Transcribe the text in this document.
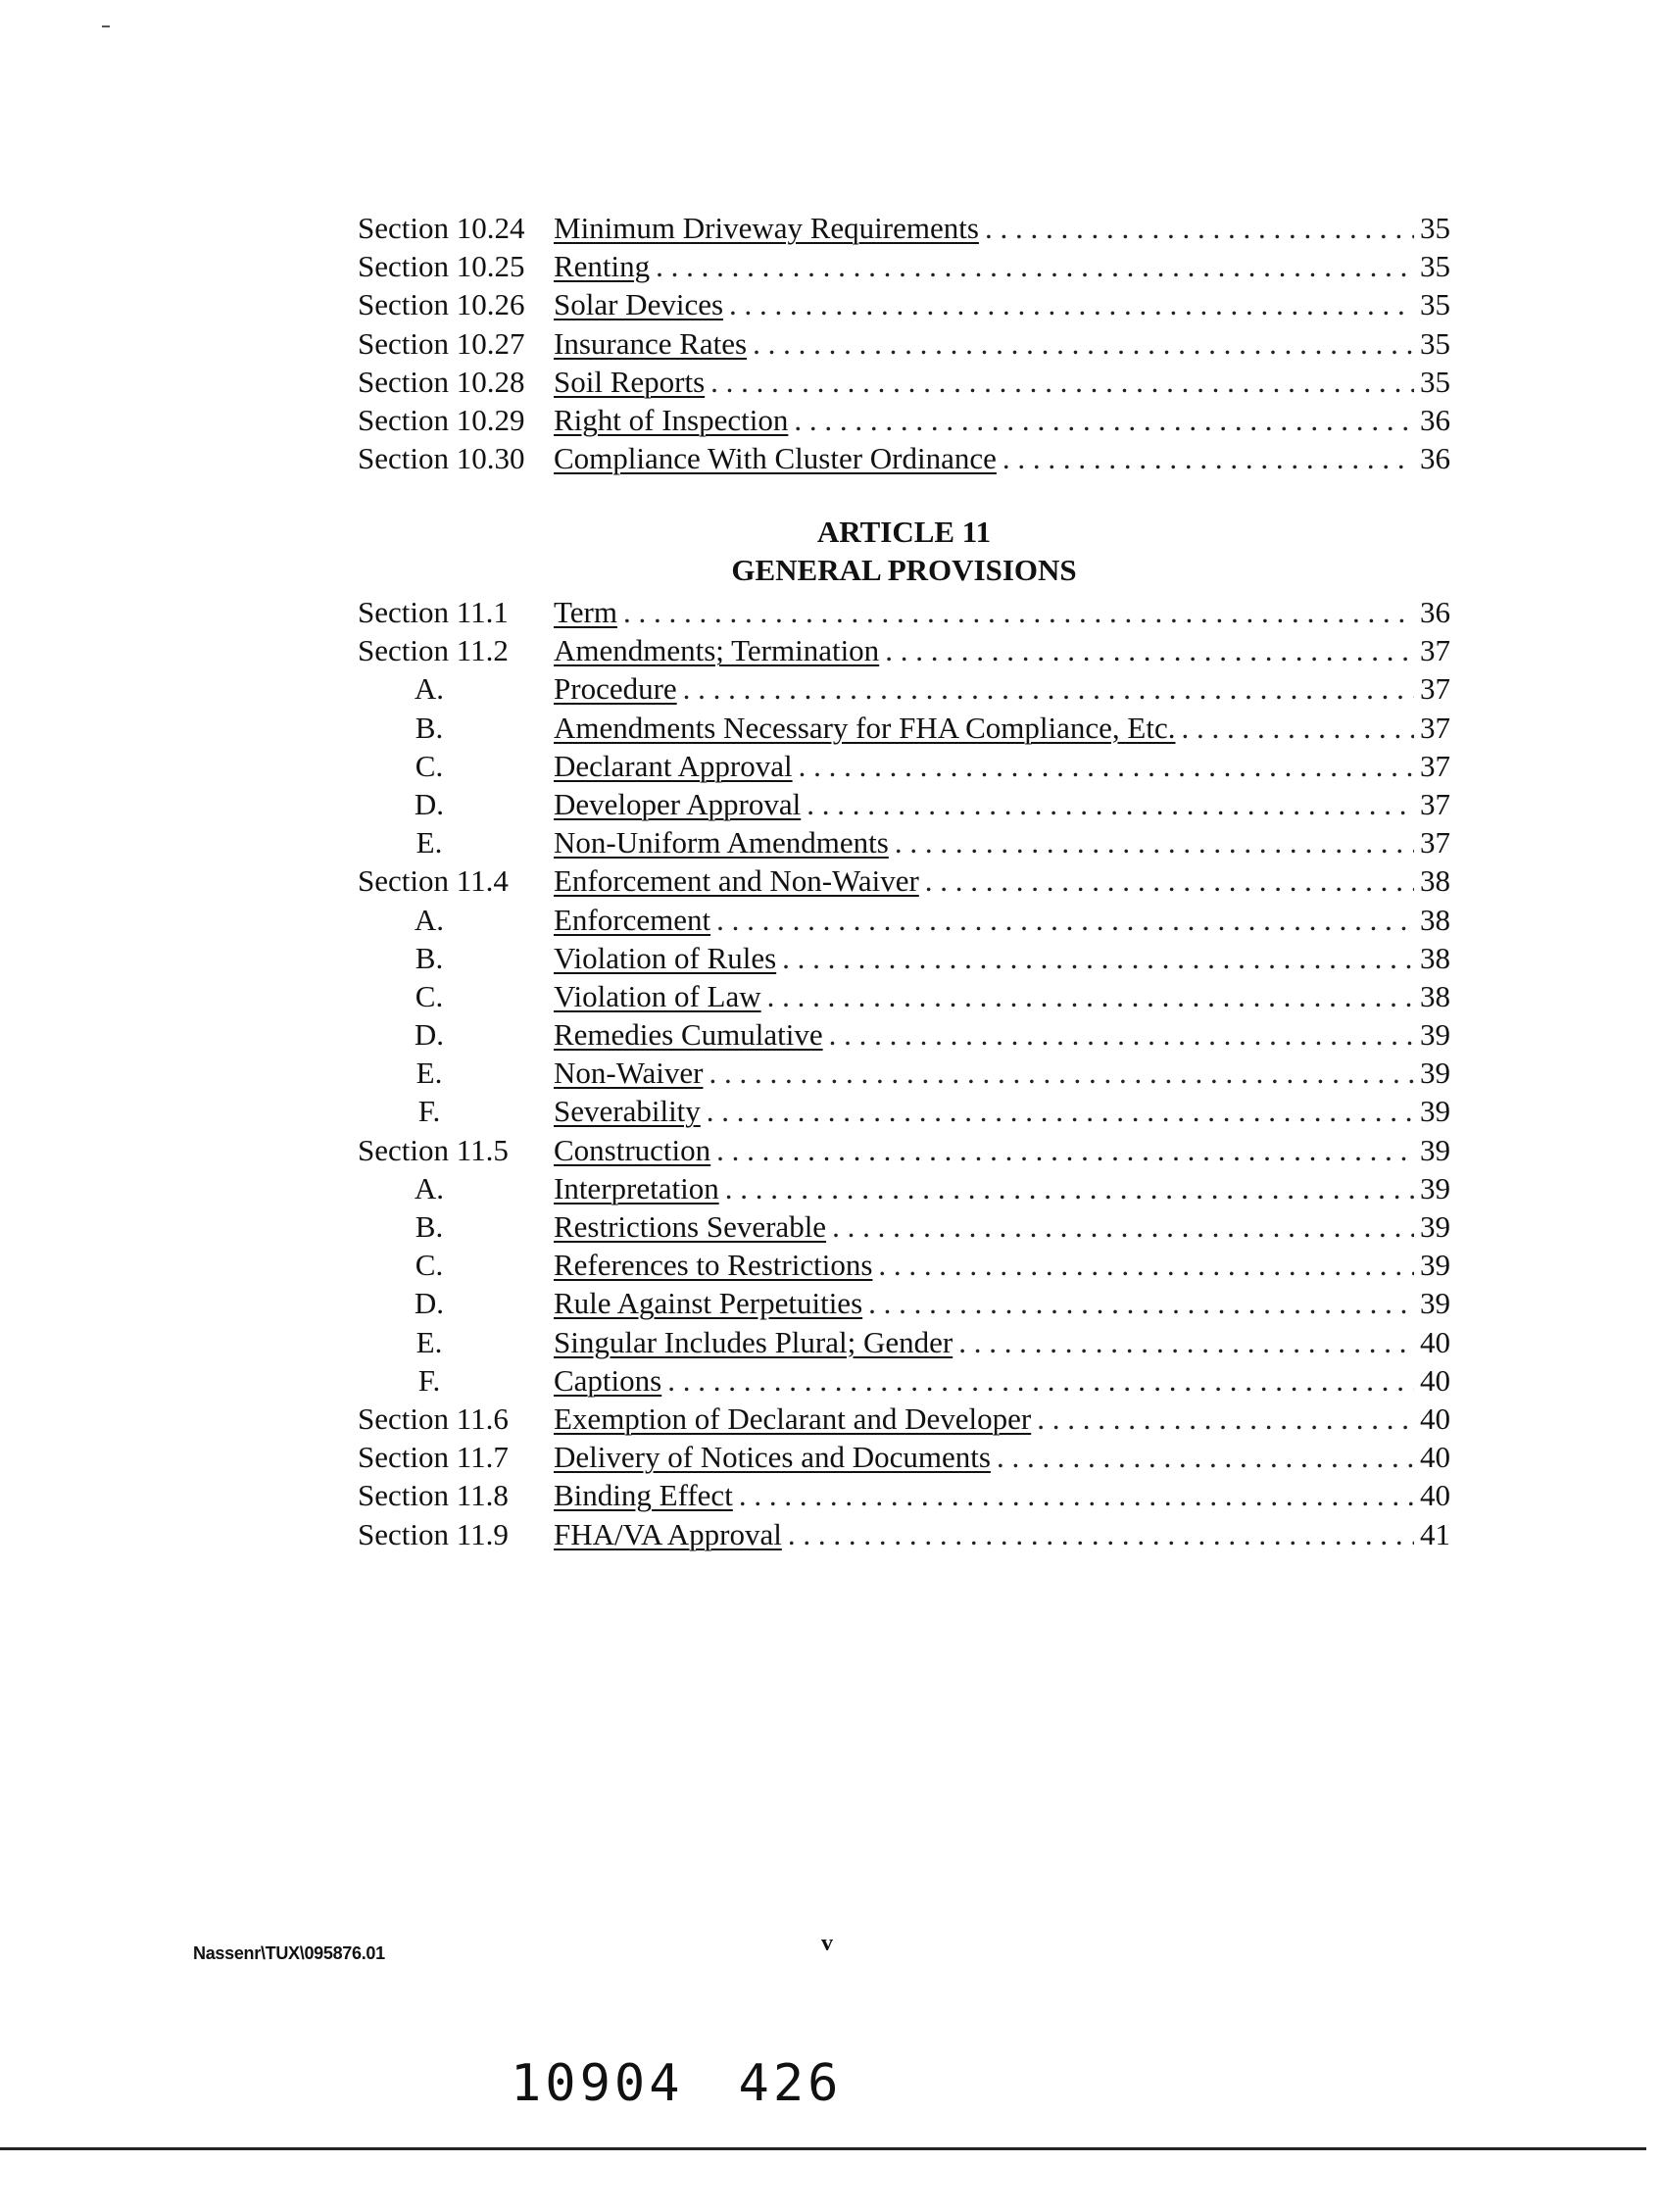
Section 10.24 Minimum Driveway Requirements . . .	35
Section 10.25 Renting . . .	35
Section 10.26 Solar Devices . . .	35
Section 10.27 Insurance Rates . . .	35
Section 10.28 Soil Reports . . .	35
Section 10.29 Right of Inspection . . .	36
Section 10.30 Compliance With Cluster Ordinance . . .	36
ARTICLE 11
GENERAL PROVISIONS
Section 11.1	Term . . .	36
Section 11.2	Amendments; Termination . . .	37
A.	Procedure . . .	37
B.	Amendments Necessary for FHA Compliance, Etc. . . .	37
C.	Declarant Approval . . .	37
D.	Developer Approval . . .	37
E.	Non-Uniform Amendments . . .	37
Section 11.4	Enforcement and Non-Waiver . . .	38
A.	Enforcement . . .	38
B.	Violation of Rules . . .	38
C.	Violation of Law . . .	38
D.	Remedies Cumulative . . .	39
E.	Non-Waiver . . .	39
F.	Severability . . .	39
Section 11.5	Construction . . .	39
A.	Interpretation . . .	39
B.	Restrictions Severable . . .	39
C.	References to Restrictions . . .	39
D.	Rule Against Perpetuities . . .	39
E.	Singular Includes Plural; Gender . . .	40
F.	Captions . . .	40
Section 11.6	Exemption of Declarant and Developer . . .	40
Section 11.7	Delivery of Notices and Documents . . .	40
Section 11.8	Binding Effect . . .	40
Section 11.9	FHA/VA Approval . . .	41
Nassenr\TUX\095876.01	v
10904 426
